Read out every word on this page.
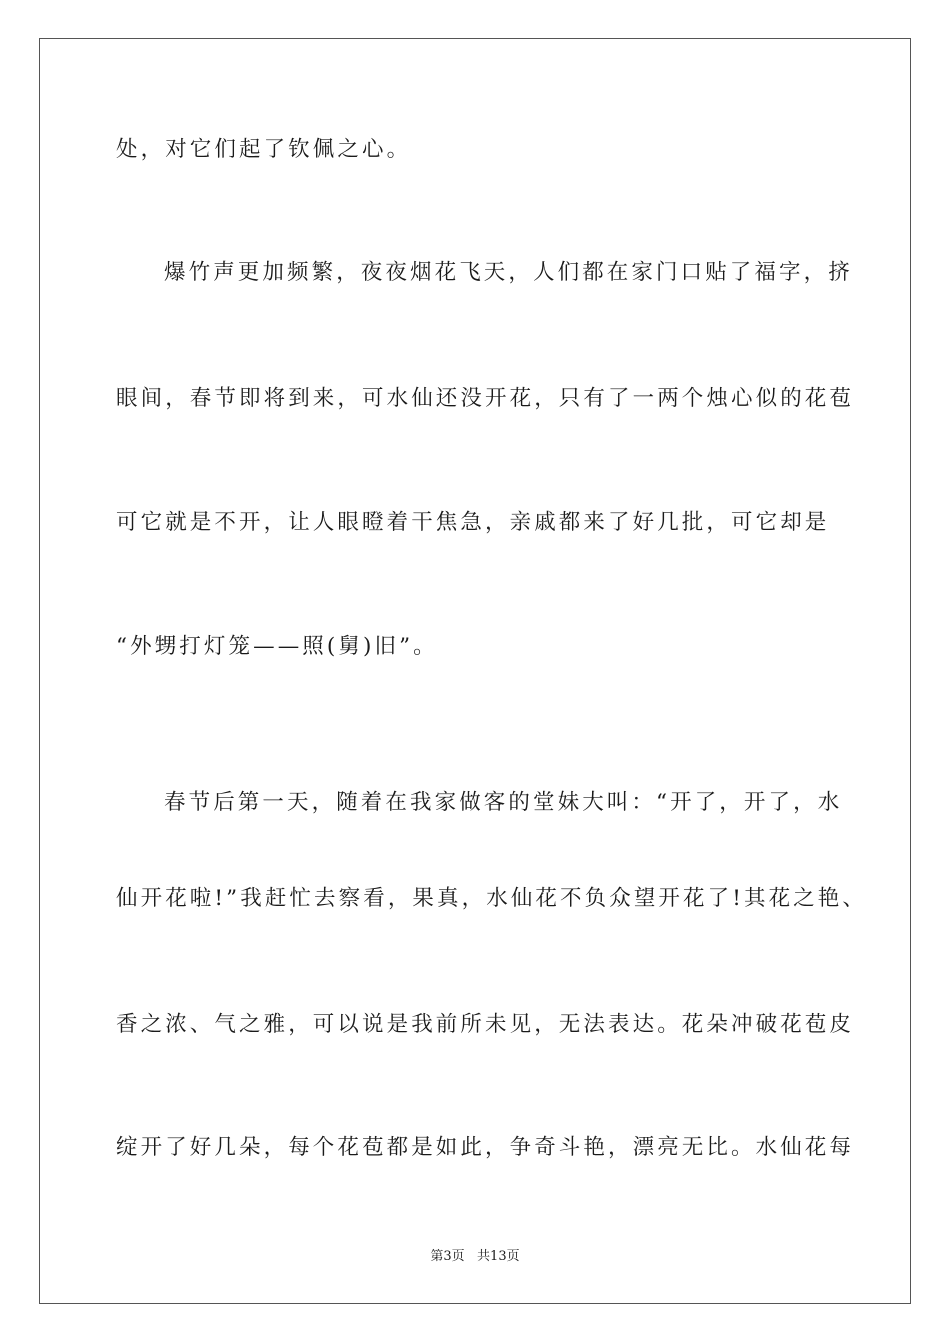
处，对它们起了钦佩之心。
爆竹声更加频繁，夜夜烟花飞天，人们都在家门口贴了福字，挤
眼间，春节即将到来，可水仙还没开花，只有了一两个烛心似的花苞
可它就是不开，让人眼瞪着干焦急，亲戚都来了好几批，可它却是
“外甥打灯笼——照(舅)旧”。
春节后第一天，随着在我家做客的堂妹大叫：“开了，开了，水
仙开花啦!”我赶忙去察看，果真，水仙花不负众望开花了!其花之艳、
香之浓、气之雅，可以说是我前所未见，无法表达。花朵冲破花苞皮
绽开了好几朵，每个花苞都是如此，争奇斗艳，漂亮无比。水仙花每
第3页   共13页
